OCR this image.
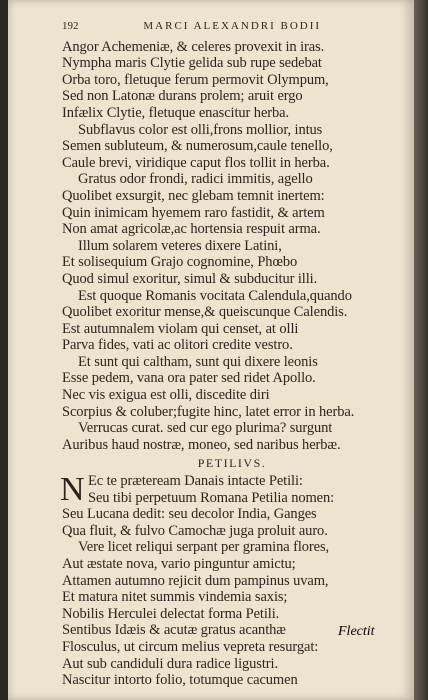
192	MARCI ALEXANDRI BODII
Angor Achemeniæ, & celeres provexit in iras.
Nympha maris Clytie gelida sub rupe sedebat
Orba toro, fletuque ferum permovit Olympum,
Sed non Latonæ durans prolem; aruit ergo
Infælix Clytie, fletuque enascitur herba.
Subflavus color est olli,frons mollior, intus
Semen subluteum, & numerosum,caule tenello,
Caule brevi, viridique caput flos tollit in herba.
Gratus odor frondi, radici immitis, agello
Quolibet exsurgit, nec glebam temnit inertem:
Quin inimicam hyemem raro fastidit, & artem
Non amat agricolæ,ac hortensia respuit arma.
Illum solarem veteres dixere Latini,
Et solisequium Grajo cognomine, Phœbo
Quod simul exoritur, simul & subducitur illi.
Est quoque Romanis vocitata Calendula,quando
Quolibet exoritur mense,& queiscunque Calendis.
Est autumnalem violam qui censet, at olli
Parva fides, vati ac olitori credite vestro.
Et sunt qui caltham, sunt qui dixere leonis
Esse pedem, vana ora pater sed ridet Apollo.
Nec vis exigua est olli, discedite diri
Scorpius & coluber;fugite hinc, latet error in herba.
Verrucas curat. sed cur ego plurima? surgunt
Auribus haud nostræ, moneo, sed naribus herbæ.
PETILIVS.
N Ec te præteream Danais intacte Petili:
Seu tibi perpetuum Romana Petilia nomen:
Seu Lucana dedit: seu decolor India, Ganges
Qua fluit, & fulvo Camochæ juga proluit auro.
Vere licet reliqui serpant per gramina flores,
Aut æstate nova, vario pinguntur amictu;
Attamen autumno rejicit dum pampinus uvam,
Et matura nitet summis vindemia saxis;
Nobilis Herculei delectat forma Petili.
Sentibus Idæis & acutæ gratus acanthæ
Flosculus, ut circum melius vepreta resurgat:
Aut sub candiduli dura radice ligustri.
Nascitur intorto folio, totumque cacumen
Flectit
